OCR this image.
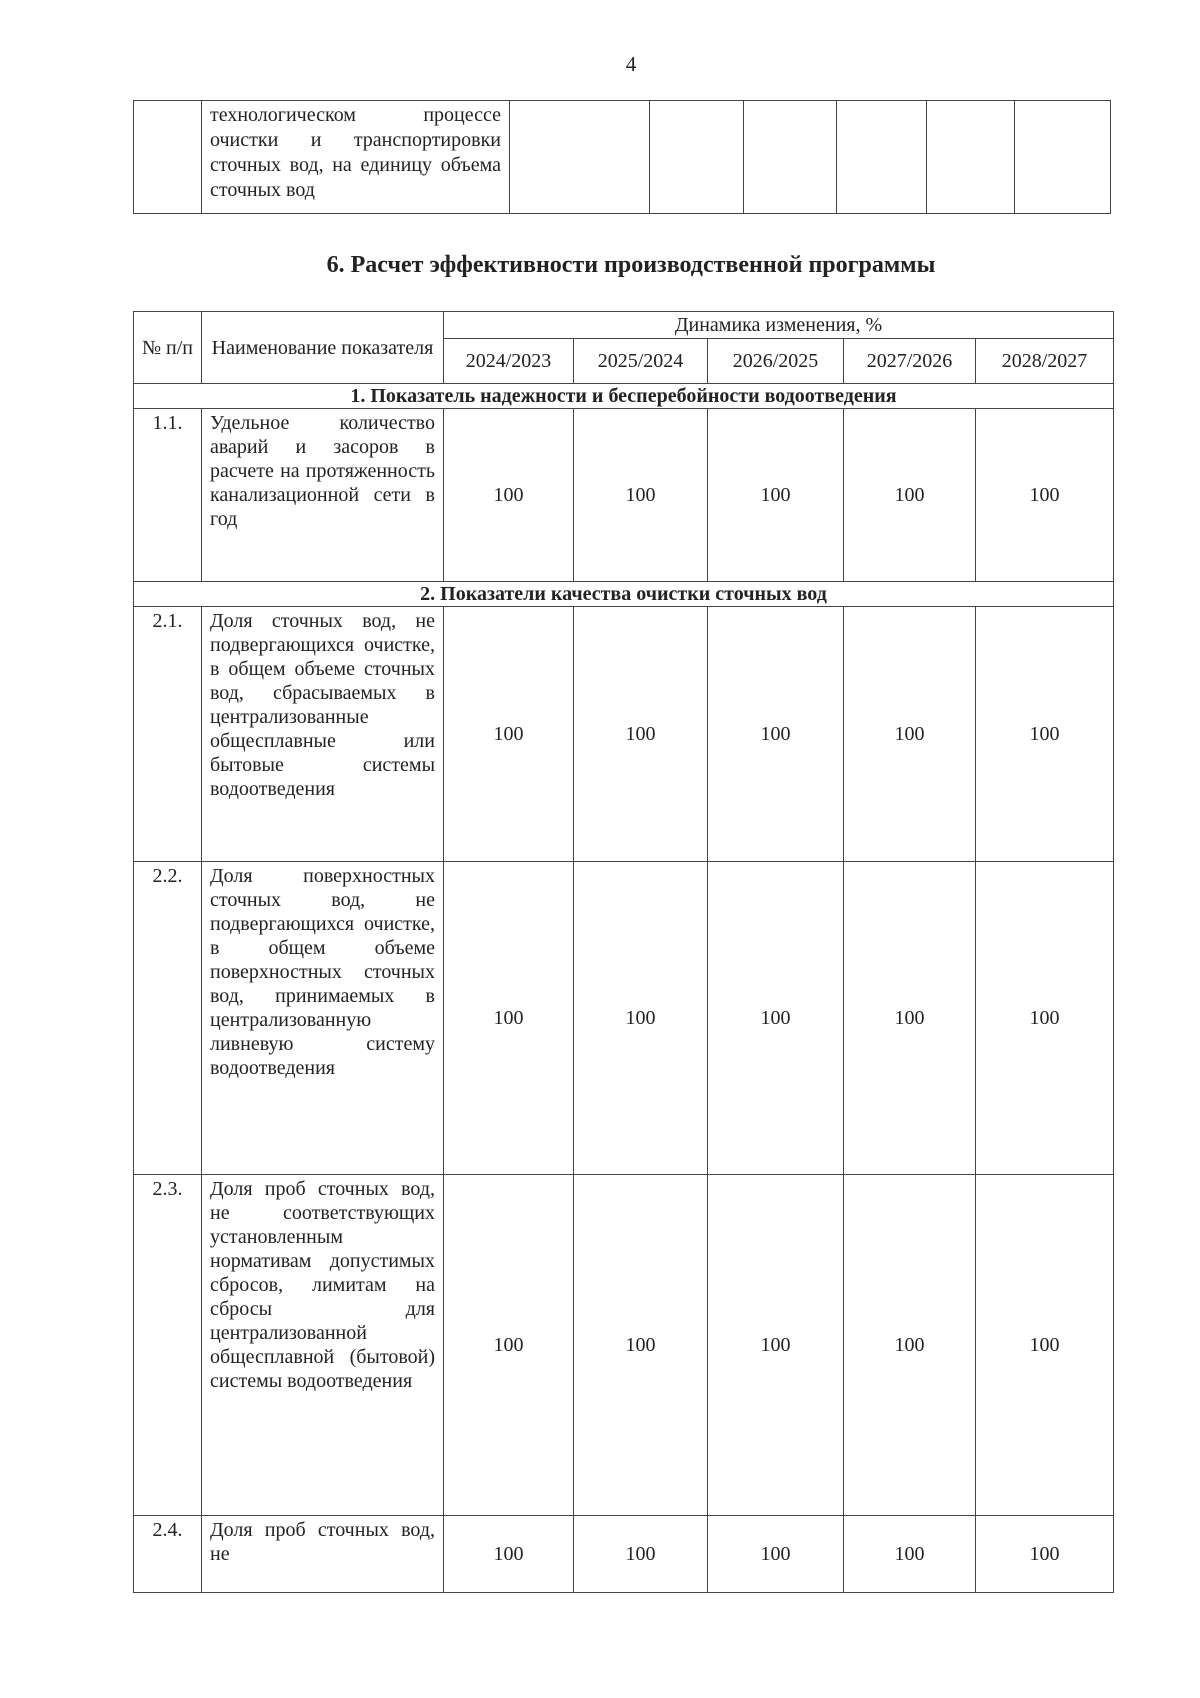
4

технологическом процессе очистки и транспортировки сточных вод, на единицу объема сточных вод

6. Расчет эффективности производственной программы
№ п/п	Наименование показателя	Динамика изменения, %				
		2024/2023	2025/2024	2026/2025	2027/2026	2028/2027
1. Показатель надежности и бесперебойности водоотведения						
1.1.	Удельное количество аварий и засоров в расчете на протяженность канализационной сети в год	100	100	100	100	100
2. Показатели качества очистки сточных вод						
2.1.	Доля сточных вод, не подвергающихся очистке, в общем объеме сточных вод, сбрасываемых в централизованные общесплавные или бытовые системы водоотведения	100	100	100	100	100
2.2.	Доля поверхностных сточных вод, не подвергающихся очистке, в общем объеме поверхностных сточных вод, принимаемых в централизованную ливневую систему водоотведения	100	100	100	100	100
2.3.	Доля проб сточных вод, не соответствующих установленным нормативам допустимых сбросов, лимитам на сбросы для централизованной общесплавной (бытовой) системы водоотведения	100	100	100	100	100
2.4.	Доля проб сточных вод, не	100	100	100	100	100
